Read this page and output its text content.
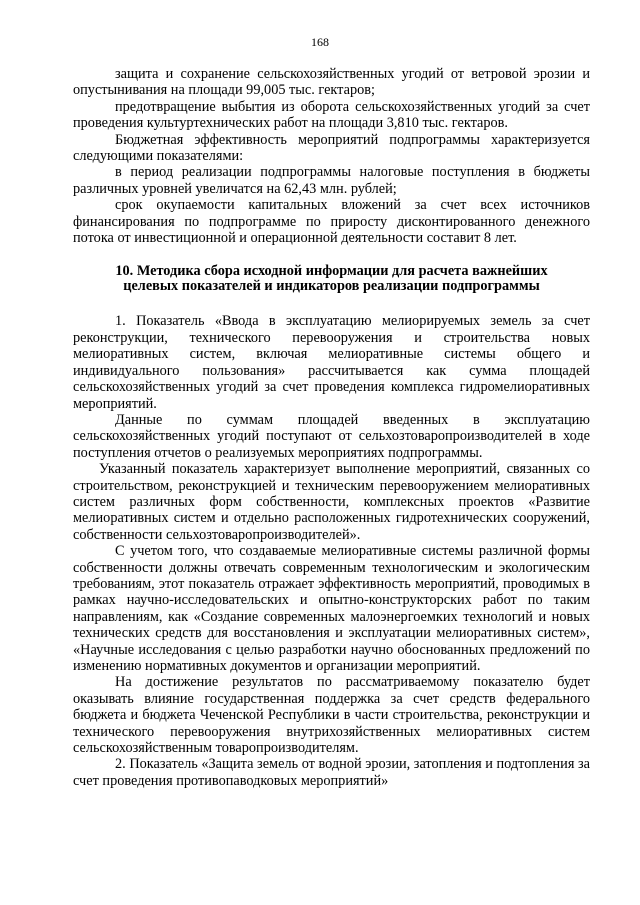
168

защита и сохранение сельскохозяйственных угодий от ветровой эрозии и опустынивания на площади 99,005 тыс. гектаров;

предотвращение выбытия из оборота сельскохозяйственных угодий за счет проведения культуртехнических работ на площади 3,810 тыс. гектаров.

Бюджетная эффективность мероприятий подпрограммы характеризуется следующими показателями:

в период реализации подпрограммы налоговые поступления в бюджеты различных уровней увеличатся на 62,43 млн. рублей;

срок окупаемости капитальных вложений за счет всех источников финансирования по подпрограмме по приросту дисконтированного денежного потока от инвестиционной и операционной деятельности составит 8 лет.

10. Методика сбора исходной информации для расчета важнейших
целевых показателей и индикаторов реализации подпрограммы

1. Показатель «Ввода в эксплуатацию мелиорируемых земель за счет реконструкции, технического перевооружения и строительства новых мелиоративных систем, включая мелиоративные системы общего и индивидуального пользования» рассчитывается как сумма площадей сельскохозяйственных угодий за счет проведения комплекса гидромелиоративных мероприятий.

Данные по суммам площадей введенных в эксплуатацию сельскохозяйственных угодий поступают от сельхозтоваропроизводителей в ходе поступления отчетов о реализуемых мероприятиях подпрограммы.

Указанный показатель характеризует выполнение мероприятий, связанных со строительством, реконструкцией и техническим перевооружением мелиоративных систем различных форм собственности, комплексных проектов «Развитие мелиоративных систем и отдельно расположенных гидротехнических сооружений, собственности сельхозтоваропроизводителей».

С учетом того, что создаваемые мелиоративные системы различной формы собственности должны отвечать современным технологическим и экологическим требованиям, этот показатель отражает эффективность мероприятий, проводимых в рамках научно-исследовательских и опытно-конструкторских работ по таким направлениям, как «Создание современных малоэнергоемких технологий и новых технических средств для восстановления и эксплуатации мелиоративных систем», «Научные исследования с целью разработки научно обоснованных предложений по изменению нормативных документов и организации мероприятий.

На достижение результатов по рассматриваемому показателю будет оказывать влияние государственная поддержка за счет средств федерального бюджета и бюджета Чеченской Республики в части строительства, реконструкции и технического перевооружения внутрихозяйственных мелиоративных систем сельскохозяйственным товаропроизводителям.

2. Показатель «Защита земель от водной эрозии, затопления и подтопления за счет проведения противопаводковых мероприятий»
